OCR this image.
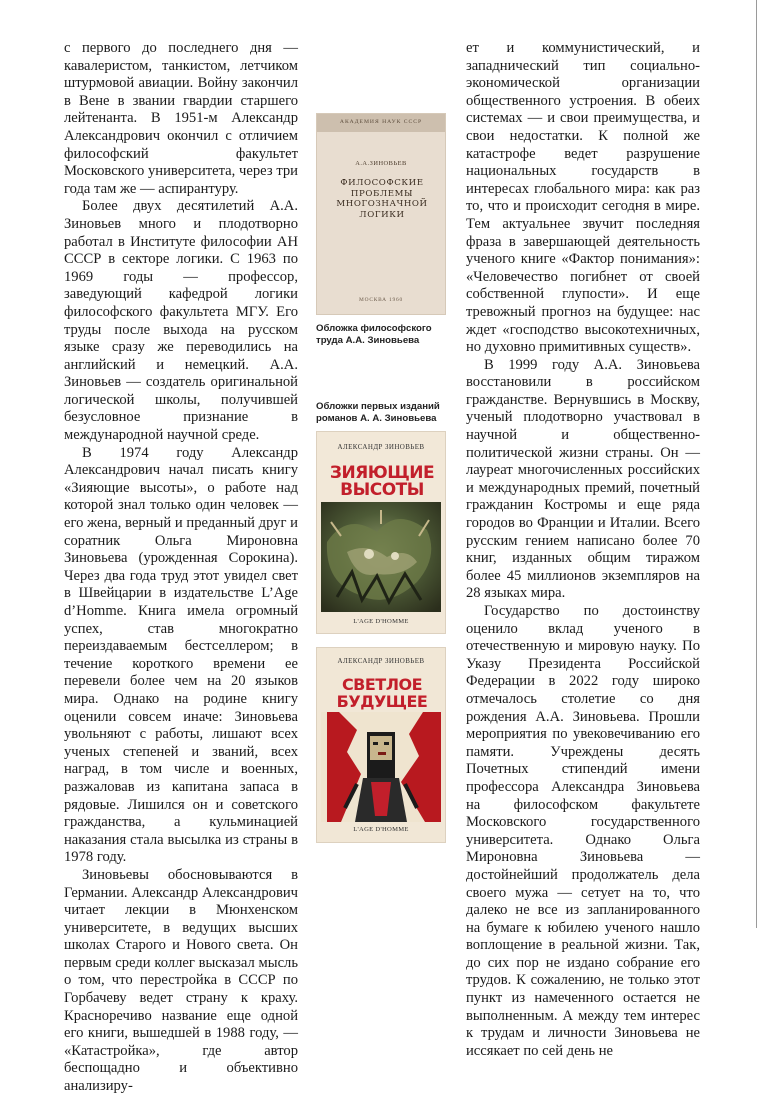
с первого до последнего дня — кавалеристом, танкистом, летчиком штурмовой авиации. Войну закончил в Вене в звании гвардии старшего лейтенанта. В 1951-м Александр Александрович окончил с отличием философский факультет Московского университета, через три года там же — аспирантуру.

Более двух десятилетий А.А. Зиновьев много и плодотворно работал в Институте философии АН СССР в секторе логики. С 1963 по 1969 годы — профессор, заведующий кафедрой логики философского факультета МГУ. Его труды после выхода на русском языке сразу же переводились на английский и немецкий. А.А. Зиновьев — создатель оригинальной логической школы, получившей безусловное признание в международной научной среде.

В 1974 году Александр Александрович начал писать книгу «Зияющие высоты», о работе над которой знал только один человек — его жена, верный и преданный друг и соратник Ольга Мироновна Зиновьева (урожденная Сорокина). Через два года труд этот увидел свет в Швейцарии в издательстве L’Age d’Homme. Книга имела огромный успех, став многократно переиздаваемым бестселлером; в течение короткого времени ее перевели более чем на 20 языков мира. Однако на родине книгу оценили совсем иначе: Зиновьева увольняют с работы, лишают всех ученых степеней и званий, всех наград, в том числе и военных, разжаловав из капитана запаса в рядовые. Лишился он и советского гражданства, а кульминацией наказания стала высылка из страны в 1978 году.

Зиновьевы обосновываются в Германии. Александр Александрович читает лекции в Мюнхенском университете, в ведущих высших школах Старого и Нового света. Он первым среди коллег высказал мысль о том, что перестройка в СССР по Горбачеву ведет страну к краху. Красноречиво название еще одной его книги, вышедшей в 1988 году, — «Катастройка», где автор беспощадно и объективно анализиру-

АКАДЕМИЯ НАУК СССР
А.А.ЗИНОВЬЕВ
ФИЛОСОФСКИЕ ПРОБЛЕМЫ МНОГОЗНАЧНОЙ ЛОГИКИ
МОСКВА 1960
Обложка философского труда А.А. Зиновьева
Обложки первых изданий романов А. А. Зиновьева
АЛЕКСАНДР ЗИНОВЬЕВ
ЗИЯЮЩИЕ ВЫСОТЫ
L'AGE D'HOMME
АЛЕКСАНДР ЗИНОВЬЕВ
СВЕТЛОЕ БУДУЩЕЕ
L'AGE D'HOMME

ет и коммунистический, и западнический тип социально-экономической организации общественного устроения. В обеих системах — и свои преимущества, и свои недостатки. К полной же катастрофе ведет разрушение национальных государств в интересах глобального мира: как раз то, что и происходит сегодня в мире. Тем актуальнее звучит последняя фраза в завершающей деятельность ученого книге «Фактор понимания»: «Человечество погибнет от своей собственной глупости». И еще тревожный прогноз на будущее: нас ждет «господство высокотехничных, но духовно примитивных существ».

В 1999 году А.А. Зиновьева восстановили в российском гражданстве. Вернувшись в Москву, ученый плодотворно участвовал в научной и общественно-политической жизни страны. Он — лауреат многочисленных российских и международных премий, почетный гражданин Костромы и еще ряда городов во Франции и Италии. Всего русским гением написано более 70 книг, изданных общим тиражом более 45 миллионов экземпляров на 28 языках мира.

Государство по достоинству оценило вклад ученого в отечественную и мировую науку. По Указу Президента Российской Федерации в 2022 году широко отмечалось столетие со дня рождения А.А. Зиновьева. Прошли мероприятия по увековечиванию его памяти. Учреждены десять Почетных стипендий имени профессора Александра Зиновьева на философском факультете Московского государственного университета. Однако Ольга Мироновна Зиновьева — достойнейший продолжатель дела своего мужа — сетует на то, что далеко не все из запланированного на бумаге к юбилею ученого нашло воплощение в реальной жизни. Так, до сих пор не издано собрание его трудов. К сожалению, не только этот пункт из намеченного остается не выполненным. А между тем интерес к трудам и личности Зиновьева не иссякает по сей день не
